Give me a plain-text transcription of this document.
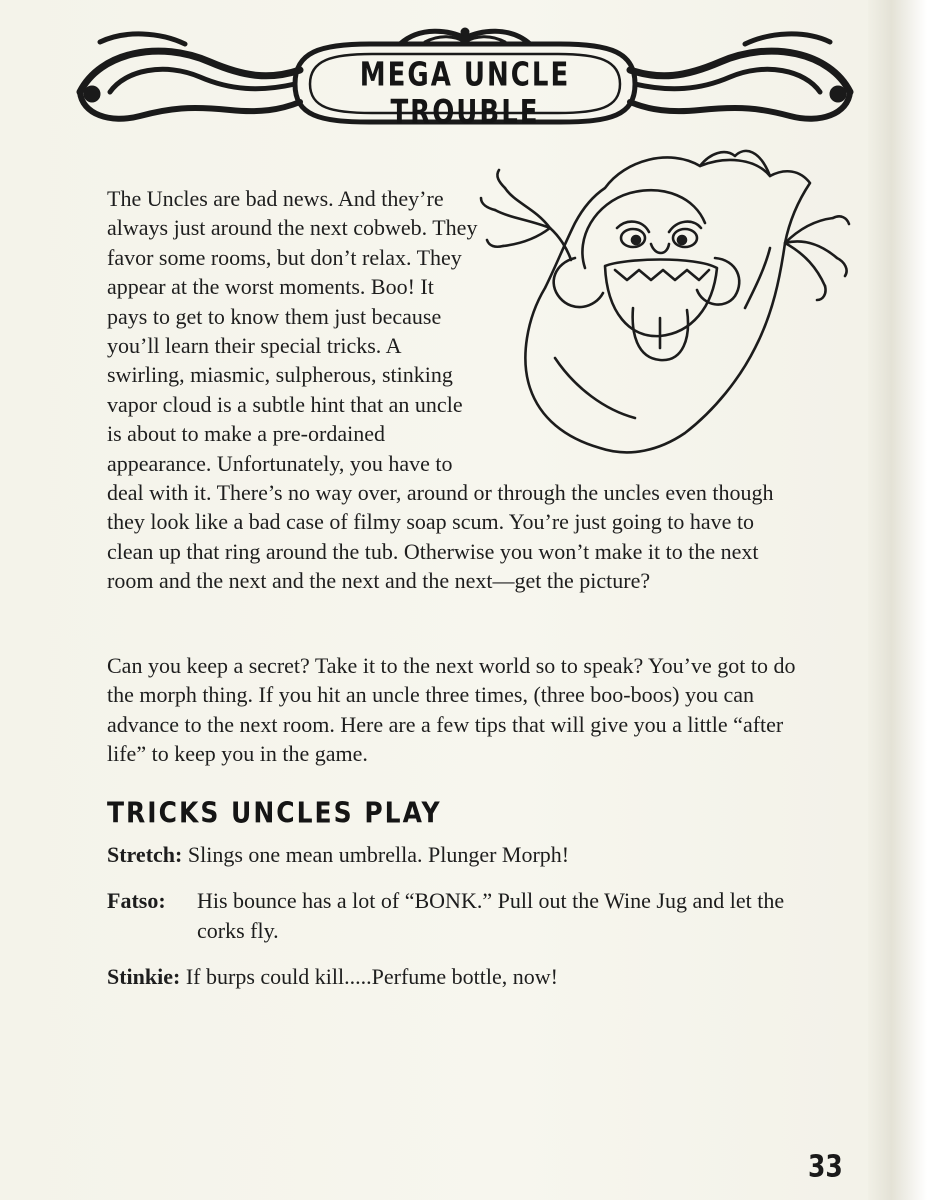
MEGA UNCLE TROUBLE

The Uncles are bad news. And they’re always just around the next cobweb. They favor some rooms, but don’t relax. They appear at the worst moments. Boo! It pays to get to know them just because you’ll learn their special tricks. A swirling, miasmic, sulpherous, stinking vapor cloud is a subtle hint that an uncle is about to make a pre-ordained appearance. Unfortunately, you have to deal with it. There’s no way over, around or through the uncles even though they look like a bad case of filmy soap scum. You’re just going to have to clean up that ring around the tub. Otherwise you won’t make it to the next room and the next and the next and the next—get the picture?

Can you keep a secret? Take it to the next world so to speak? You’ve got to do the morph thing. If you hit an uncle three times, (three boo-boos) you can advance to the next room. Here are a few tips that will give you a little “after life” to keep you in the game.

TRICKS UNCLES PLAY
Stretch: Slings one mean umbrella. Plunger Morph!
Fatso: His bounce has a lot of “BONK.” Pull out the Wine Jug and let the corks fly.
Stinkie: If burps could kill.....Perfume bottle, now!
33
